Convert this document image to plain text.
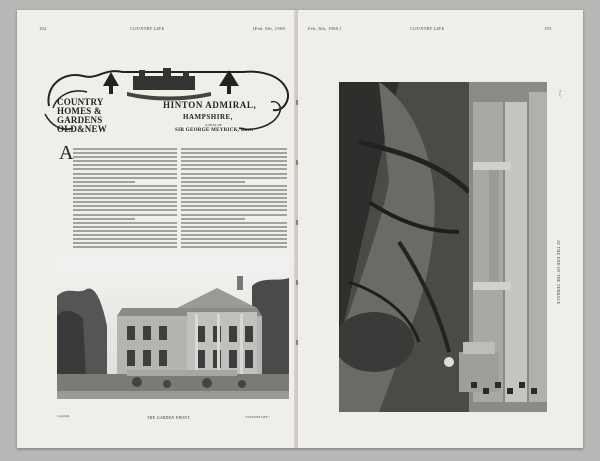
102	COUNTRY LIFE.	[Feb. 8th, 1908.
COUNTRY
HOMES &
GARDENS
OLD&NEW
HINTON ADMIRAL,
HAMPSHIRE,
A SEAT OF
SIR GEORGE MEYRICK, Bart.
A
Copyright	THE GARDEN FRONT.	"COUNTRY LIFE."
Feb. 8th, 1908.]	COUNTRY LIFE.	193
AT THE END OF THE TERRACE.
"C.L."
